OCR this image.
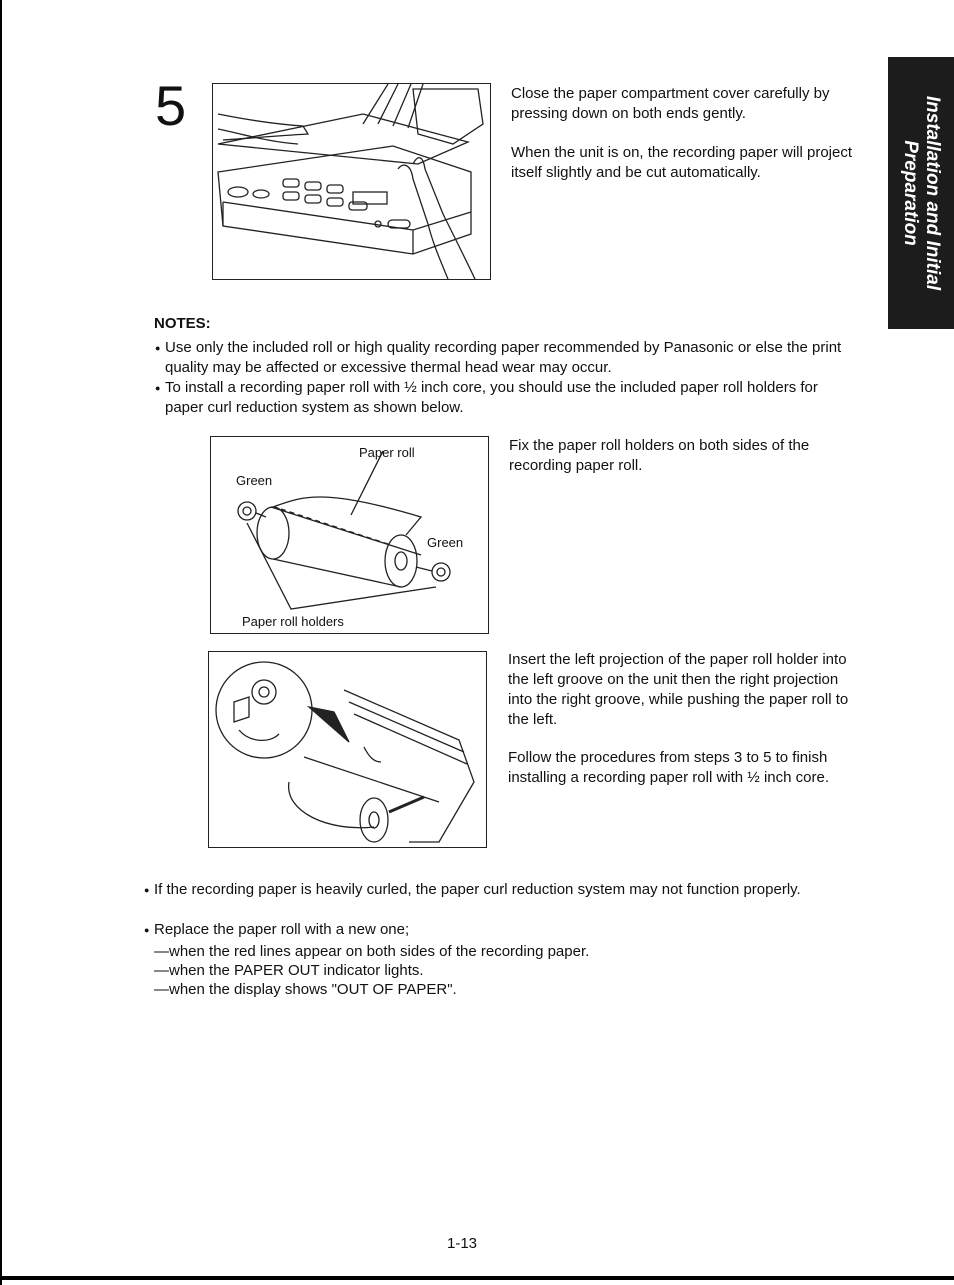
Installation and Initial
Preparation
5	Close the paper compartment cover carefully by pressing down on both ends gently.
When the unit is on, the recording paper will project itself slightly and be cut automatically.
NOTES:
● Use only the included roll or high quality recording paper recommended by Panasonic or else the print quality may be affected or excessive thermal head wear may occur.
● To install a recording paper roll with ½ inch core, you should use the included paper roll holders for paper curl reduction system as shown below.
Paper roll
Green
Green
Paper roll holders
Fix the paper roll holders on both sides of the recording paper roll.
Insert the left projection of the paper roll holder into the left groove on the unit then the right projection into the right groove, while pushing the paper roll to the left.
Follow the procedures from steps 3 to 5 to finish installing a recording paper roll with ½ inch core.
● If the recording paper is heavily curled, the paper curl reduction system may not function properly.
● Replace the paper roll with a new one;
—when the red lines appear on both sides of the recording paper.
—when the PAPER OUT indicator lights.
—when the display shows "OUT OF PAPER".
1-13
